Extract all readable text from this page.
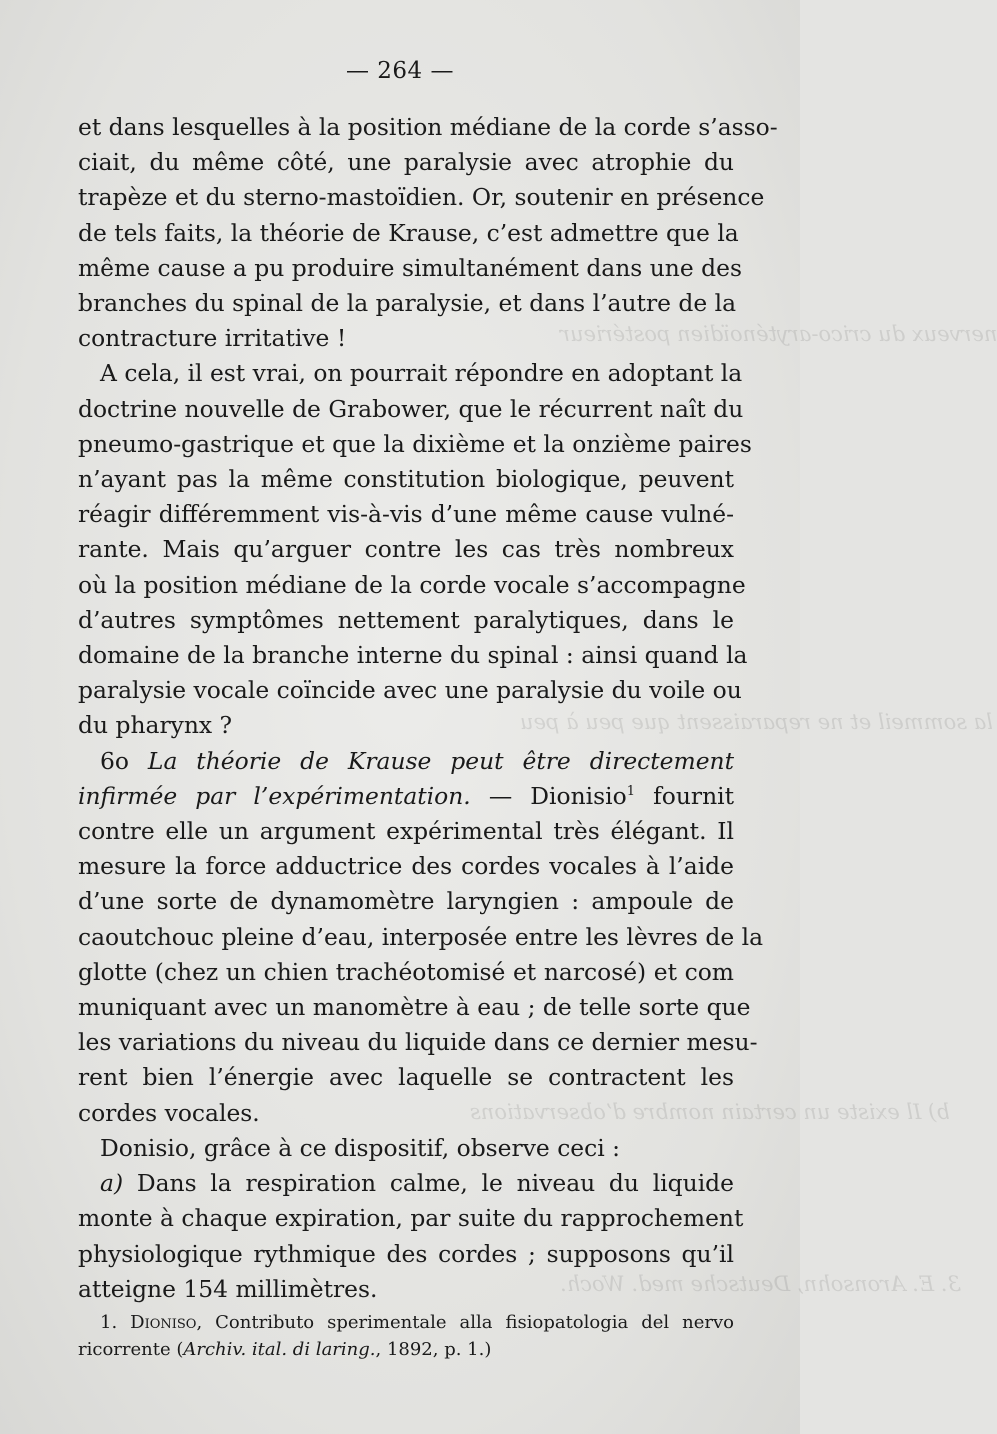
nerveux du crico-aryténoïdien postérieur
la sommeil et ne reparaissent que peu à peu
b) Il existe un certain nombre d’observations
3. E. Aronsohn, Deutsche med. Woch.
— 264 —

et dans lesquelles à la position médiane de la corde s’asso-
ciait, du même côté, une paralysie avec atrophie du
trapèze et du sterno-mastoïdien. Or, soutenir en présence
de tels faits, la théorie de Krause, c’est admettre que la
même cause a pu produire simultanément dans une des
branches du spinal de la paralysie, et dans l’autre de la
contracture irritative !

A cela, il est vrai, on pourrait répondre en adoptant la
doctrine nouvelle de Grabower, que le récurrent naît du
pneumo-gastrique et que la dixième et la onzième paires
n’ayant pas la même constitution biologique, peuvent
réagir différemment vis-à-vis d’une même cause vulné-
rante. Mais qu’arguer contre les cas très nombreux
où la position médiane de la corde vocale s’accompagne
d’autres symptômes nettement paralytiques, dans le
domaine de la branche interne du spinal : ainsi quand la
paralysie vocale coïncide avec une paralysie du voile ou
du pharynx ?

6o La théorie de Krause peut être directement
infirmée par l’expérimentation. — Dionisio$^1$ fournit
contre elle un argument expérimental très élégant. Il
mesure la force adductrice des cordes vocales à l’aide
d’une sorte de dynamomètre laryngien : ampoule de
caoutchouc pleine d’eau, interposée entre les lèvres de la
glotte (chez un chien trachéotomisé et narcosé) et com
muniquant avec un manomètre à eau ; de telle sorte que
les variations du niveau du liquide dans ce dernier mesu-
rent bien l’énergie avec laquelle se contractent les
cordes vocales.

Donisio, grâce à ce dispositif, observe ceci :

a) Dans la respiration calme, le niveau du liquide
monte à chaque expiration, par suite du rapprochement
physiologique rythmique des cordes ; supposons qu’il
atteigne 154 millimètres.

1. Dioniso, Contributo sperimentale alla fisiopatologia del nervo
ricorrente (Archiv. ital. di laring., 1892, p. 1.)
